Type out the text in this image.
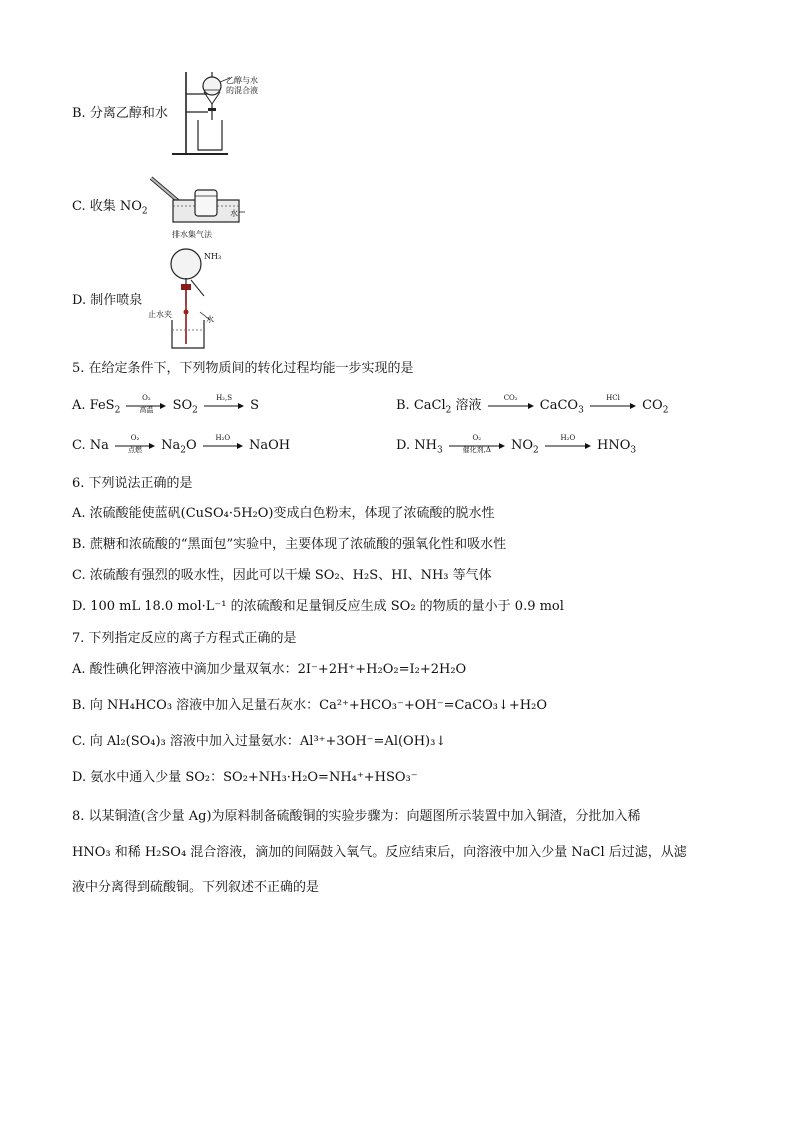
B. 分离乙醇和水
乙醇与水
的混合液
C. 收集 $NO_2$	水
排水集气法
D. 制作喷泉
NH₃
止水夹
水
5. 在给定条件下，下列物质间的转化过程均能一步实现的是
A. FeS$_2$
O₂
高温	$SO_2$
H₂,S
S	B. CaCl$_2$ 溶液
CO₂
CaCO$_3$
HCl
$CO_2$
C. Na
O₂
点燃	$Na_2O$
H₂O
NaOH	D. $NH_3$
O₂
催化剂,Δ	$NO_2$
H₂O
$HNO_3$
6. 下列说法正确的是
A. 浓硫酸能使蓝矾(CuSO₄·5H₂O)变成白色粉末，体现了浓硫酸的脱水性
B. 蔗糖和浓硫酸的“黑面包”实验中，主要体现了浓硫酸的强氧化性和吸水性
C. 浓硫酸有强烈的吸水性，因此可以干燥 SO₂、H₂S、HI、NH₃ 等气体
D. 100 mL 18.0 mol·L⁻¹ 的浓硫酸和足量铜反应生成 SO₂ 的物质的量小于 0.9 mol
7. 下列指定反应的离子方程式正确的是
A. 酸性碘化钾溶液中滴加少量双氧水：2I⁻+2H⁺+H₂O₂=I₂+2H₂O
B. 向 NH₄HCO₃ 溶液中加入足量石灰水：Ca²⁺+HCO₃⁻+OH⁻=CaCO₃↓+H₂O
C. 向 Al₂(SO₄)₃ 溶液中加入过量氨水：Al³⁺+3OH⁻=Al(OH)₃↓
D. 氨水中通入少量 SO₂：SO₂+NH₃·H₂O=NH₄⁺+HSO₃⁻
8. 以某铜渣(含少量 Ag)为原料制备硫酸铜的实验步骤为：向题图所示装置中加入铜渣，分批加入稀
HNO₃ 和稀 H₂SO₄ 混合溶液，滴加的间隔鼓入氧气。反应结束后，向溶液中加入少量 NaCl 后过滤，从滤
液中分离得到硫酸铜。下列叙述不正确的是
